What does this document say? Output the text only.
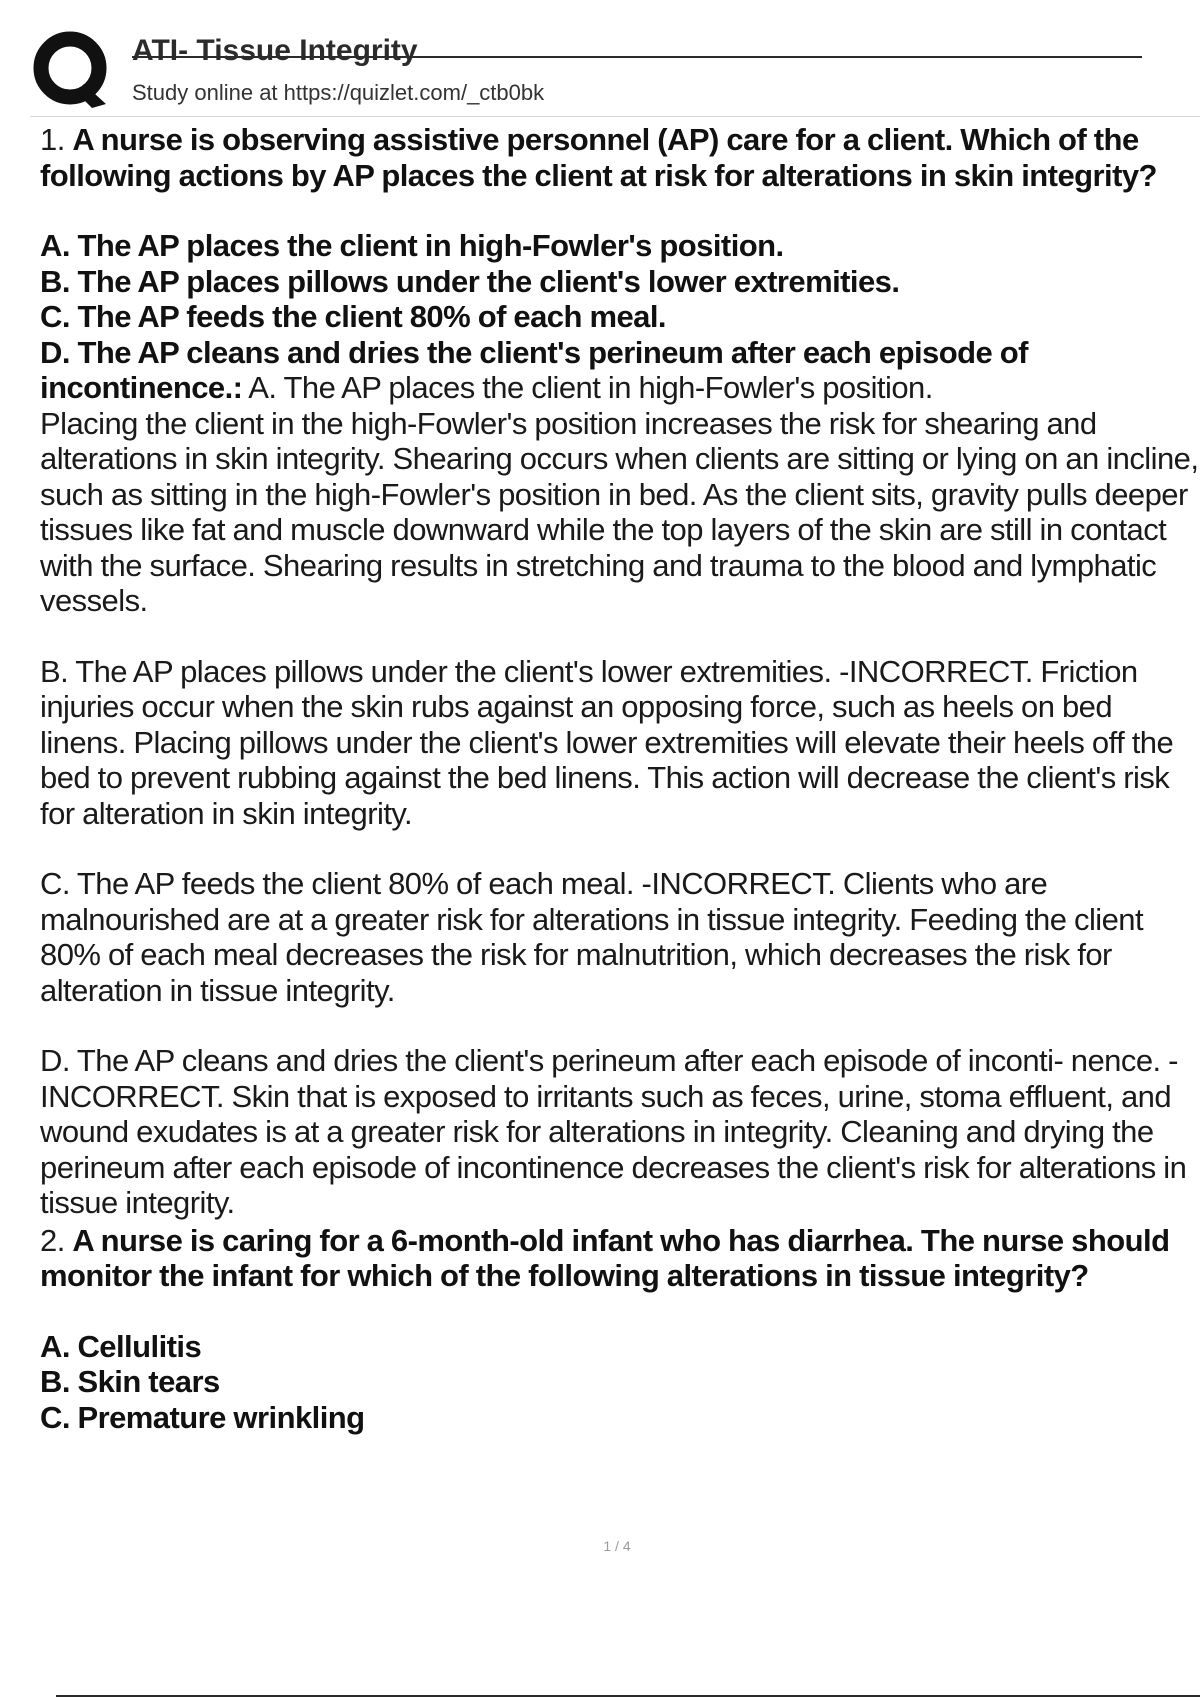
ATI- Tissue Integrity
Study online at https://quizlet.com/_ctb0bk

1. A nurse is observing assistive personnel (AP) care for a client. Which of the following actions by AP places the client at risk for alterations in skin integrity?

A. The AP places the client in high-Fowler's position.

B. The AP places pillows under the client's lower extremities.

C. The AP feeds the client 80% of each meal.

D. The AP cleans and dries the client's perineum after each episode of incontinence.: A. The AP places the client in high-Fowler's position.

Placing the client in the high-Fowler's position increases the risk for shearing and alterations in skin integrity. Shearing occurs when clients are sitting or lying on an incline, such as sitting in the high-Fowler's position in bed. As the client sits, gravity pulls deeper tissues like fat and muscle downward while the top layers of the skin are still in contact with the surface. Shearing results in stretching and trauma to the blood and lymphatic vessels.

B. The AP places pillows under the client's lower extremities. -INCORRECT. Friction injuries occur when the skin rubs against an opposing force, such as heels on bed linens. Placing pillows under the client's lower extremities will elevate their heels off the bed to prevent rubbing against the bed linens. This action will decrease the client's risk for alteration in skin integrity.

C. The AP feeds the client 80% of each meal. -INCORRECT. Clients who are malnourished are at a greater risk for alterations in tissue integrity. Feeding the client 80% of each meal decreases the risk for malnutrition, which decreases the risk for alteration in tissue integrity.

D. The AP cleans and dries the client's perineum after each episode of inconti- nence. -INCORRECT. Skin that is exposed to irritants such as feces, urine, stoma effluent, and wound exudates is at a greater risk for alterations in integrity. Cleaning and drying the perineum after each episode of incontinence decreases the client's risk for alterations in tissue integrity.

2. A nurse is caring for a 6-month-old infant who has diarrhea. The nurse should monitor the infant for which of the following alterations in tissue integrity?

A. Cellulitis

B. Skin tears

C. Premature wrinkling

1 / 4
